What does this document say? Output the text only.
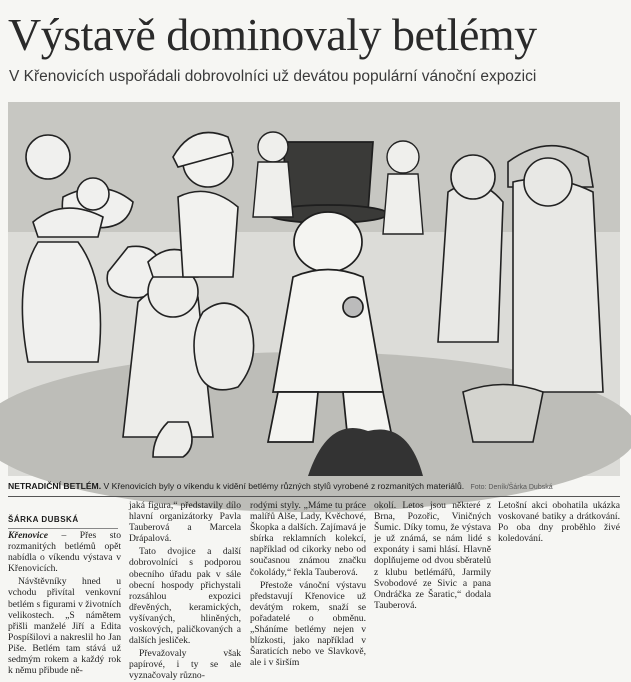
Výstavě dominovaly betlémy
V Křenovicích uspořádali dobrovolníci už devátou populární vánoční expozici
NETRADIČNÍ BETLÉM. V Křenovicích byly o víkendu k vidění betlémy různých stylů vyrobené z rozmanitých materiálů. Foto: Deník/Šárka Dubská
ŠÁRKA DUBSKÁ

Křenovice – Přes sto rozmanitých betlémů opět nabídla o víkendu výstava v Křenovicích.

Návštěvníky hned u vchodu přivítal venkovní betlém s figurami v životních velikostech. „S námětem přišli manželé Jiří a Edita Pospíšilovi a nakreslil ho Jan Piše. Betlém tam stává už sedmým rokem a každý rok k němu přibude ně-

jaká figura,“ představily dílo hlavní organizátorky Pavla Tauberová a Marcela Drápalová.

Tato dvojice a další dobrovolníci s podporou obecního úřadu pak v sále obecní hospody přichystali rozsáhlou expozici dřevěných, keramických, vyšívaných, hliněných, voskových, paličkovaných a dalších jesliček.

Převažovaly však papírové, i ty se ale vyznačovaly různo-

rodými styly. „Máme tu práce malířů Alše, Lady, Kvěchové, Škopka a dalších. Zajímavá je sbírka reklamních kolekcí, například od cikorky nebo od současnou známou značku čokolády,“ řekla Tauberová.

Přestože vánoční výstavu představují Křenovice už devátým rokem, snaží se pořadatelé o obměnu. „Sháníme betlémy nejen v blízkosti, jako například v Šaraticích nebo ve Slavkově, ale i v širším

okolí. Letos jsou některé z Brna, Pozořic, Viničných Šumic. Díky tomu, že výstava je už známá, se nám lidé s exponáty i sami hlásí. Hlavně doplňujeme od dvou sběratelů z klubu betlémářů, Jarmily Svobodové ze Sivic a pana Ondráčka ze Šaratic,“ dodala Tauberová.

Letošní akci obohatila ukázka voskované batiky a drátkování. Po oba dny proběhlo živé koledování.
